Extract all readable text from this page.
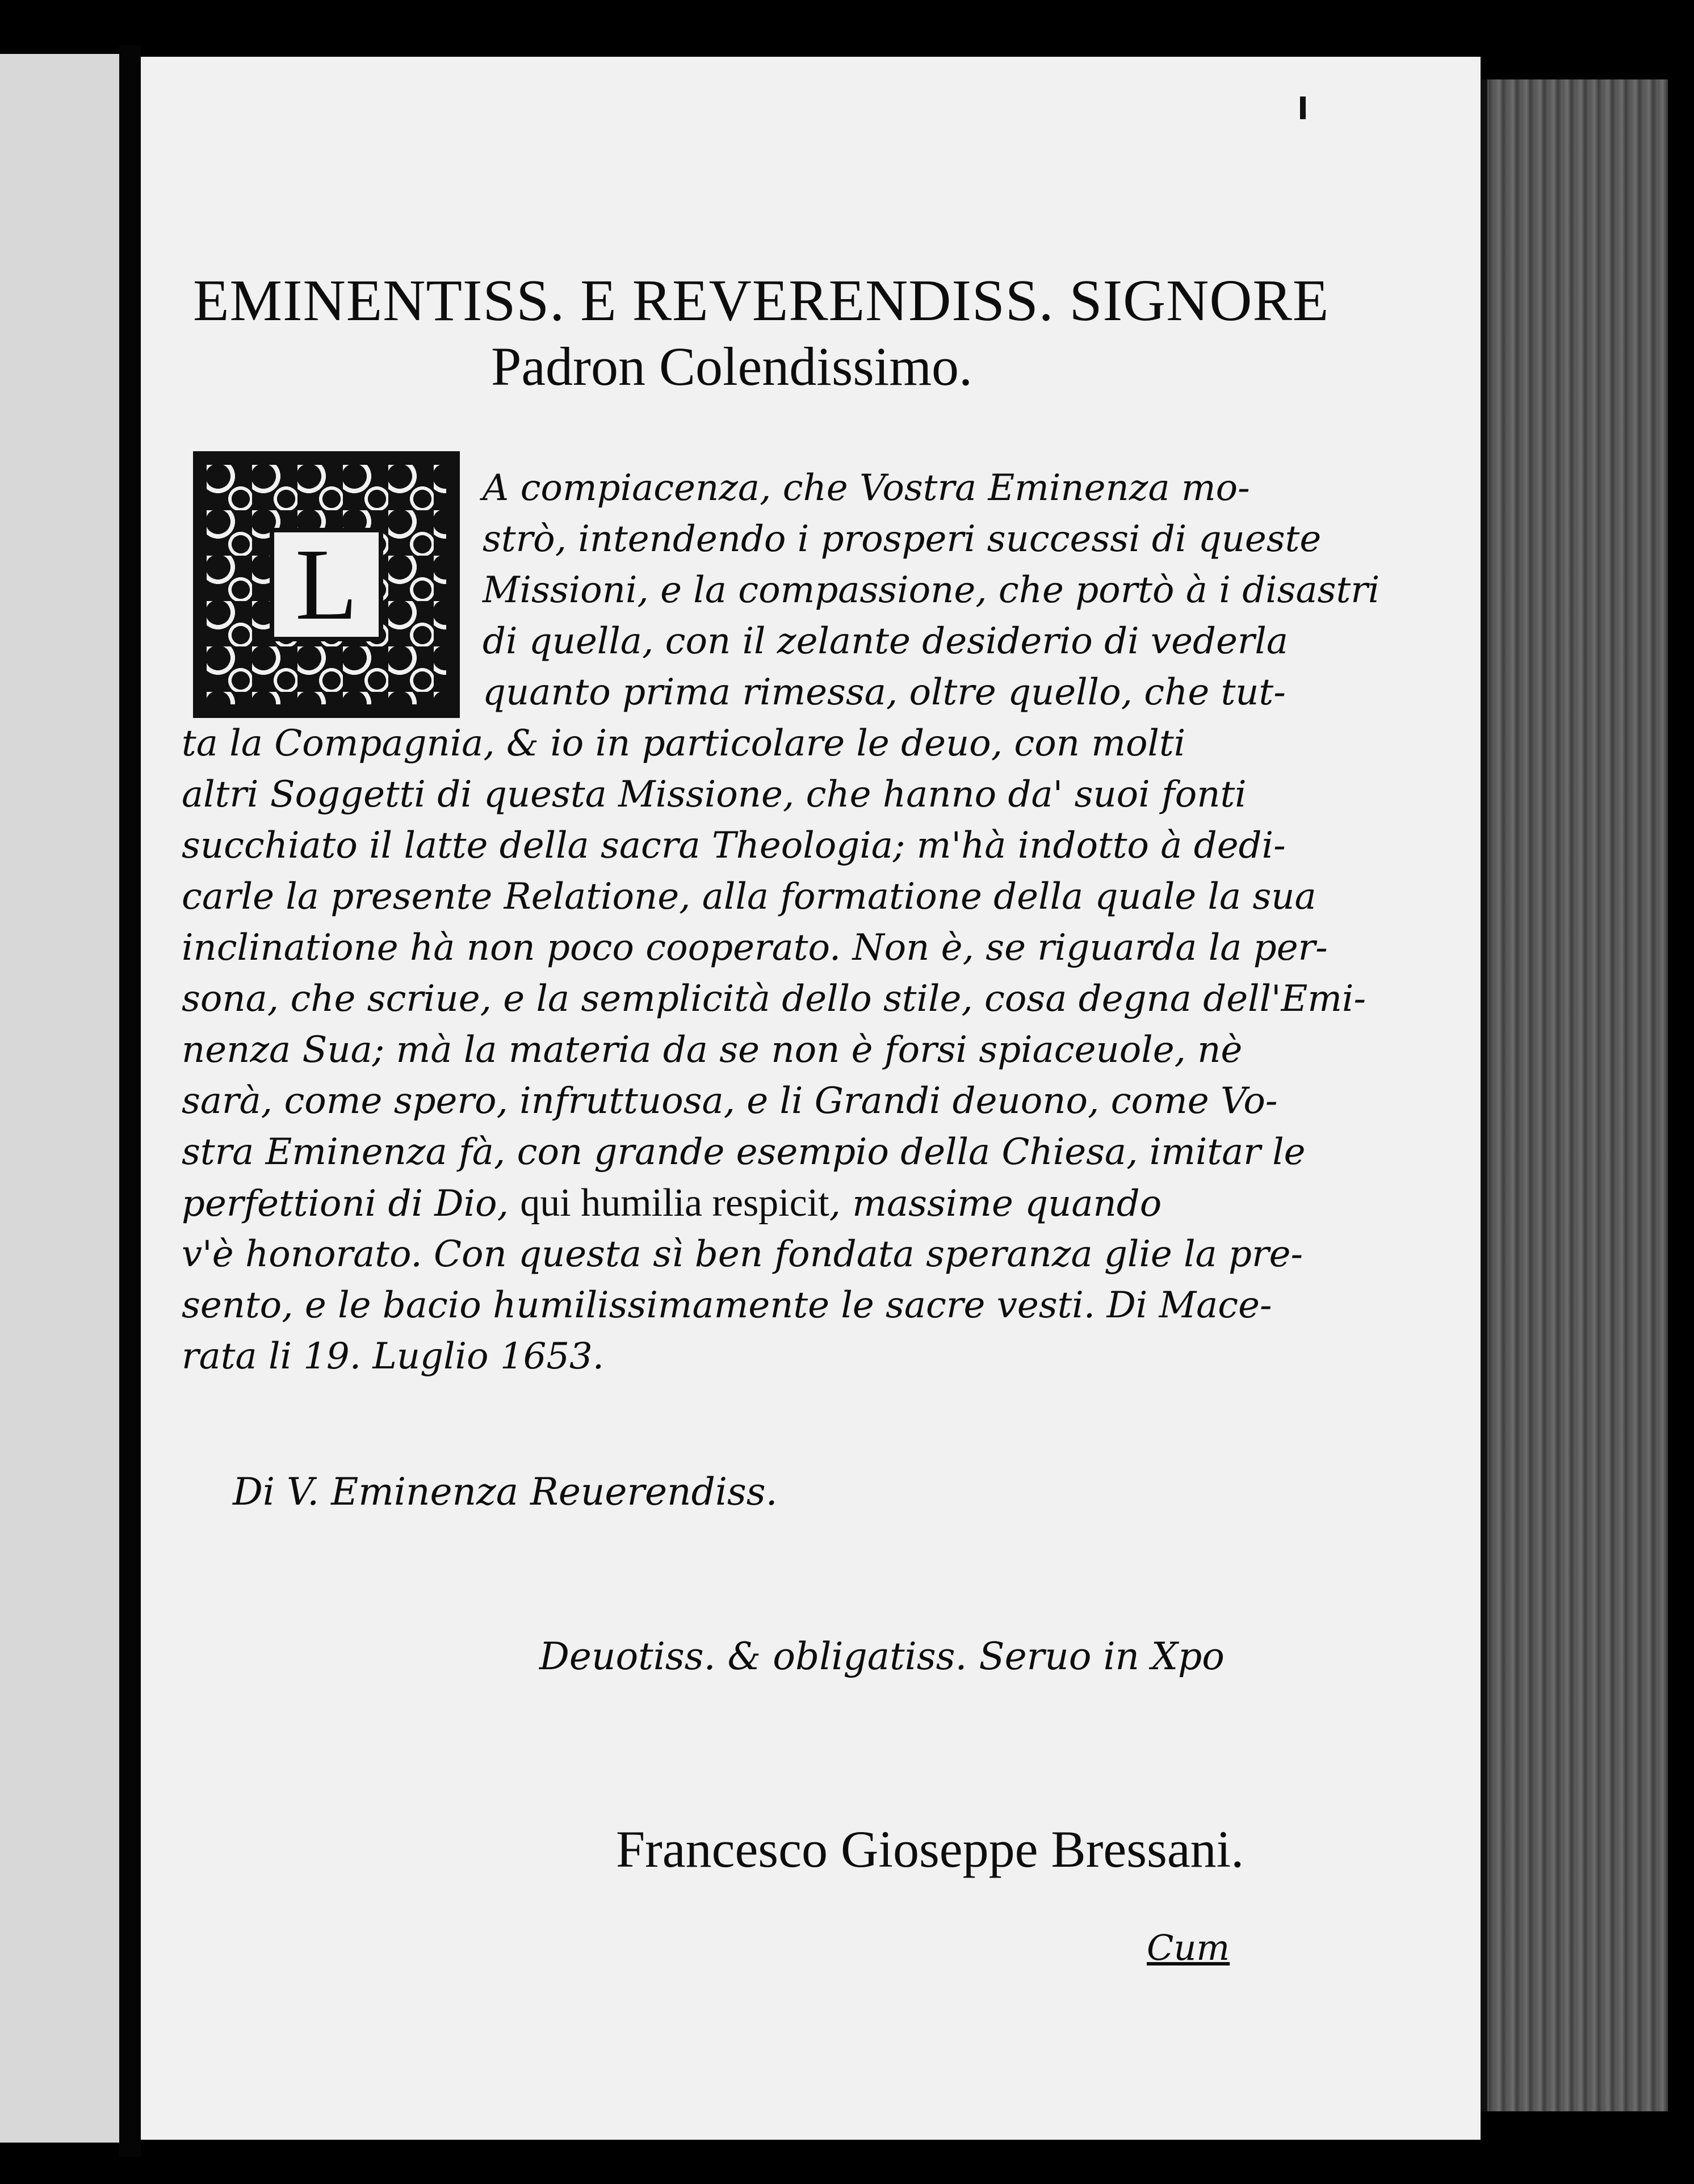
EMINENTISS. E REVERENDISS. SIGNORE
Padron Colendissimo.
L
A compiacenza, che Vostra Eminenza mo-
strò, intendendo i prosperi successi di queste
Missioni, e la compassione, che portò à i disastri
di quella, con il zelante desiderio di vederla
quanto prima rimessa, oltre quello, che tut-
ta la Compagnia, & io in particolare le deuo, con molti
altri Soggetti di questa Missione, che hanno da' suoi fonti
succhiato il latte della sacra Theologia; m'hà indotto à dedi-
carle la presente Relatione, alla formatione della quale la sua
inclinatione hà non poco cooperato. Non è, se riguarda la per-
sona, che scriue, e la semplicità dello stile, cosa degna dell'Emi-
nenza Sua; mà la materia da se non è forsi spiaceuole, nè
sarà, come spero, infruttuosa, e li Grandi deuono, come Vo-
stra Eminenza fà, con grande esempio della Chiesa, imitar le
perfettioni di Dio, qui humilia respicit, massime quando
v'è honorato. Con questa sì ben fondata speranza glie la pre-
sento, e le bacio humilissimamente le sacre vesti. Di Mace-
rata li 19. Luglio 1653.
Di V. Eminenza Reuerendiss.
Deuotiss. & obligatiss. Seruo in Xpo
Francesco Gioseppe Bressani.
Cum
